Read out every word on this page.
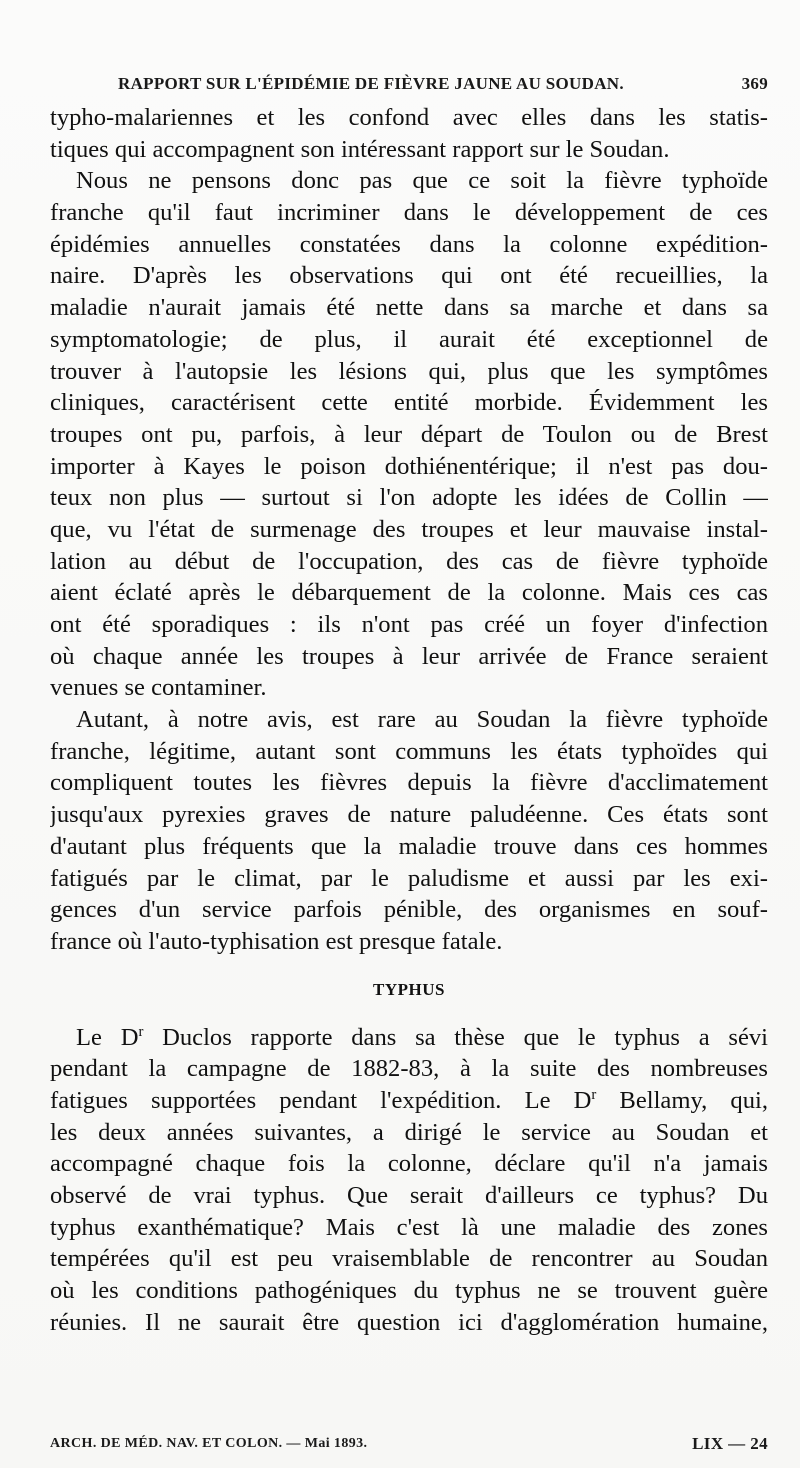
RAPPORT SUR L'ÉPIDÉMIE DE FIÈVRE JAUNE AU SOUDAN.	369
typho-malariennes et les confond avec elles dans les statis-
tiques qui accompagnent son intéressant rapport sur le Soudan.
Nous ne pensons donc pas que ce soit la fièvre typhoïde
franche qu'il faut incriminer dans le développement de ces
épidémies annuelles constatées dans la colonne expédition-
naire. D'après les observations qui ont été recueillies, la
maladie n'aurait jamais été nette dans sa marche et dans sa
symptomatologie; de plus, il aurait été exceptionnel de
trouver à l'autopsie les lésions qui, plus que les symptômes
cliniques, caractérisent cette entité morbide. Évidemment les
troupes ont pu, parfois, à leur départ de Toulon ou de Brest
importer à Kayes le poison dothiénentérique; il n'est pas dou-
teux non plus — surtout si l'on adopte les idées de Collin —
que, vu l'état de surmenage des troupes et leur mauvaise instal-
lation au début de l'occupation, des cas de fièvre typhoïde
aient éclaté après le débarquement de la colonne. Mais ces cas
ont été sporadiques : ils n'ont pas créé un foyer d'infection
où chaque année les troupes à leur arrivée de France seraient
venues se contaminer.
Autant, à notre avis, est rare au Soudan la fièvre typhoïde
franche, légitime, autant sont communs les états typhoïdes qui
compliquent toutes les fièvres depuis la fièvre d'acclimatement
jusqu'aux pyrexies graves de nature paludéenne. Ces états sont
d'autant plus fréquents que la maladie trouve dans ces hommes
fatigués par le climat, par le paludisme et aussi par les exi-
gences d'un service parfois pénible, des organismes en souf-
france où l'auto-typhisation est presque fatale.
TYPHUS
Le $D^r$ Duclos rapporte dans sa thèse que le typhus a sévi
pendant la campagne de 1882-83, à la suite des nombreuses
fatigues supportées pendant l'expédition. Le $D^r$ Bellamy, qui,
les deux années suivantes, a dirigé le service au Soudan et
accompagné chaque fois la colonne, déclare qu'il n'a jamais
observé de vrai typhus. Que serait d'ailleurs ce typhus? Du
typhus exanthématique? Mais c'est là une maladie des zones
tempérées qu'il est peu vraisemblable de rencontrer au Soudan
où les conditions pathogéniques du typhus ne se trouvent guère
réunies. Il ne saurait être question ici d'agglomération humaine,
ARCH. DE MÉD. NAV. ET COLON. — Mai 1893.	LIX — 24
